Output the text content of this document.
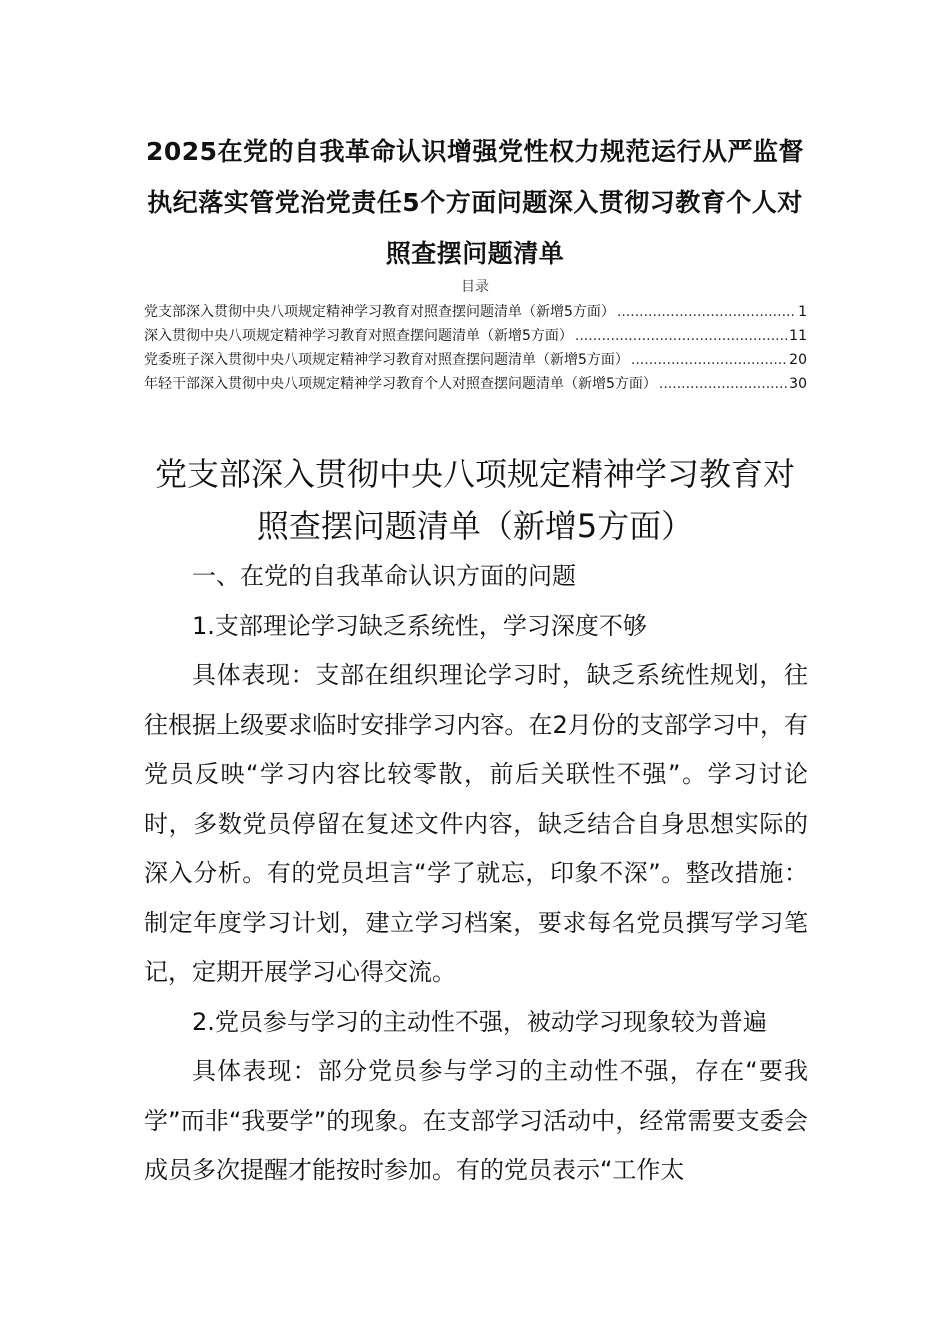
2025在党的自我革命认识增强党性权力规范运行从严监督执纪落实管党治党责任5个方面问题深入贯彻习教育个人对照查摆问题清单
目录
党支部深入贯彻中央八项规定精神学习教育对照查摆问题清单（新增5方面） .....	1
深入贯彻中央八项规定精神学习教育对照查摆问题清单（新增5方面） .....	11
党委班子深入贯彻中央八项规定精神学习教育对照查摆问题清单（新增5方面） .....	20
年轻干部深入贯彻中央八项规定精神学习教育个人对照查摆问题清单（新增5方面） .....	30
党支部深入贯彻中央八项规定精神学习教育对照查摆问题清单（新增5方面）

一、在党的自我革命认识方面的问题

1.支部理论学习缺乏系统性，学习深度不够

具体表现：支部在组织理论学习时，缺乏系统性规划，往往根据上级要求临时安排学习内容。在2月份的支部学习中，有党员反映“学习内容比较零散，前后关联性不强”。学习讨论时，多数党员停留在复述文件内容，缺乏结合自身思想实际的深入分析。有的党员坦言“学了就忘，印象不深”。整改措施：制定年度学习计划，建立学习档案，要求每名党员撰写学习笔记，定期开展学习心得交流。

2.党员参与学习的主动性不强，被动学习现象较为普遍

具体表现：部分党员参与学习的主动性不强，存在“要我学”而非“我要学”的现象。在支部学习活动中，经常需要支委会成员多次提醒才能按时参加。有的党员表示“工作太
